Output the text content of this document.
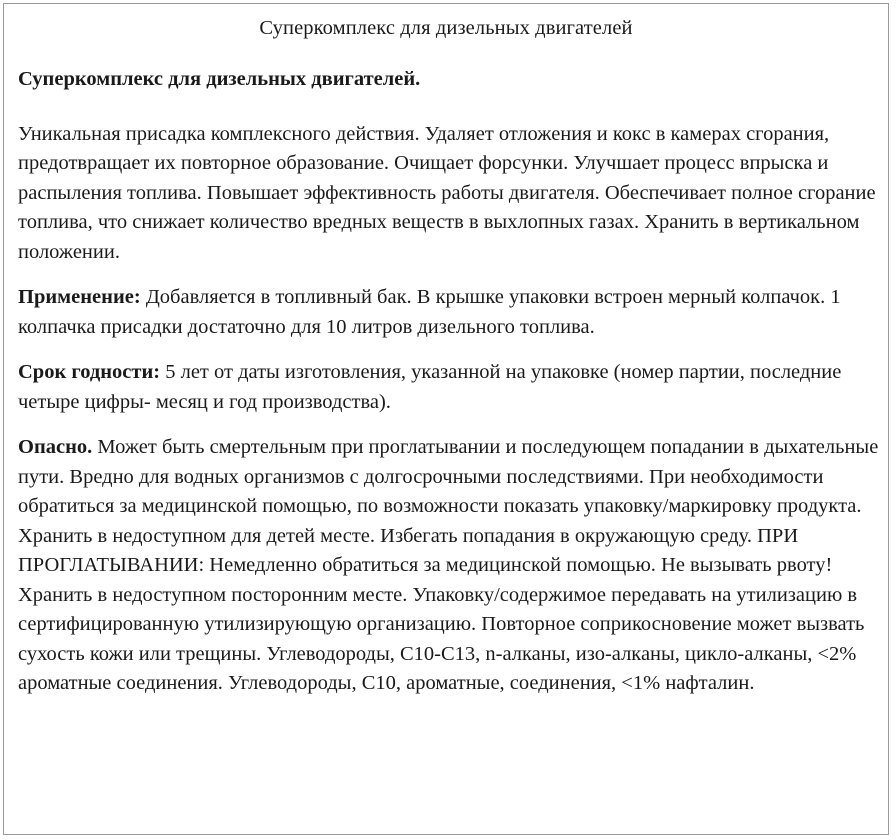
Суперкомплекс для дизельных двигателей

Суперкомплекс для дизельных двигателей.

Уникальная присадка комплексного действия. Удаляет отложения и кокс в камерах сгорания, предотвращает их повторное образование. Очищает форсунки. Улучшает процесс впрыска и распыления топлива. Повышает эффективность работы двигателя. Обеспечивает полное сгорание топлива, что снижает количество вредных веществ в выхлопных газах. Хранить в вертикальном положении.

Применение: Добавляется в топливный бак. В крышке упаковки встроен мерный колпачок. 1 колпачка присадки достаточно для 10 литров дизельного топлива.

Срок годности: 5 лет от даты изготовления, указанной на упаковке (номер партии, последние четыре цифры- месяц и год производства).

Опасно. Может быть смертельным при проглатывании и последующем попадании в дыхательные пути. Вредно для водных организмов с долгосрочными последствиями. При необходимости обратиться за медицинской помощью, по возможности показать упаковку/маркировку продукта. Хранить в недоступном для детей месте. Избегать попадания в окружающую среду. ПРИ ПРОГЛАТЫВАНИИ: Немедленно обратиться за медицинской помощью. Не вызывать рвоту! Хранить в недоступном посторонним месте. Упаковку/содержимое передавать на утилизацию в сертифицированную утилизирующую организацию. Повторное соприкосновение может вызвать сухость кожи или трещины. Углеводороды, С10-С13, n-алканы, изо-алканы, цикло-алканы, <2% ароматные соединения. Углеводороды, С10, ароматные, соединения, <1% нафталин.
